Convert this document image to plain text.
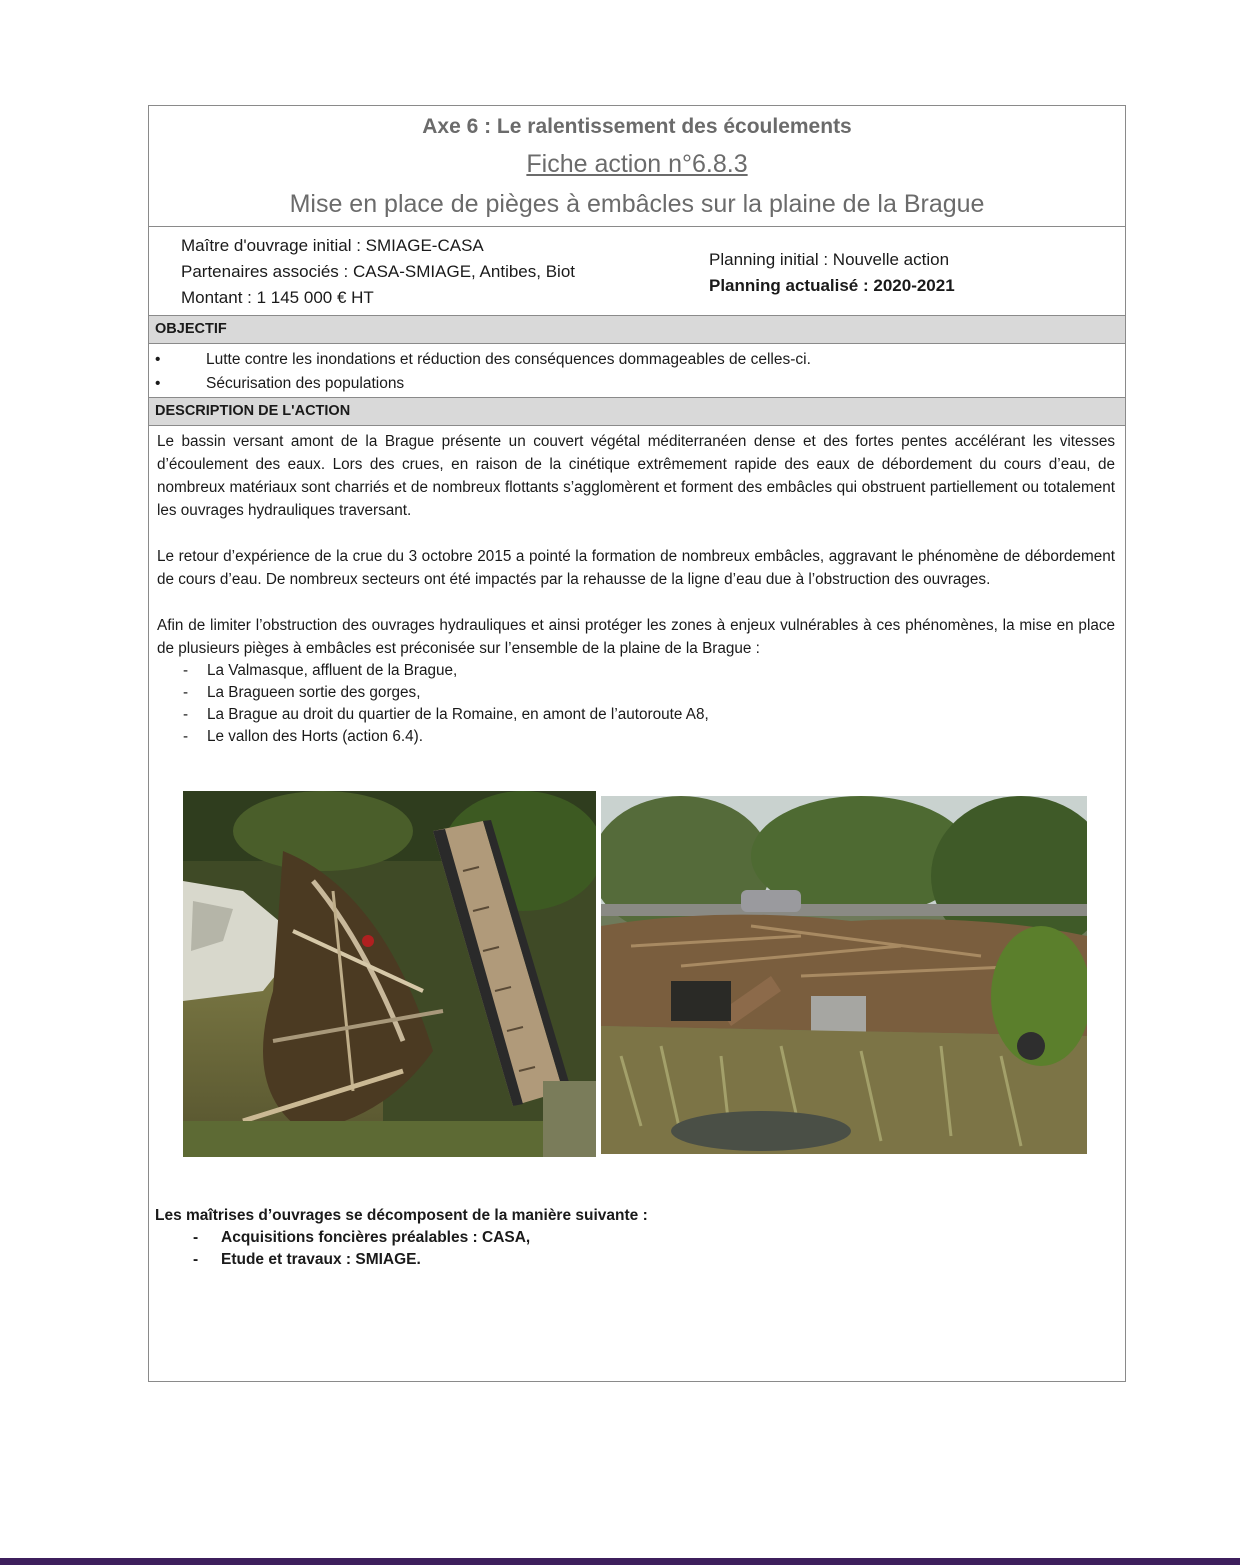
Axe 6 : Le ralentissement des écoulements
Fiche action n°6.8.3
Mise en place de pièges à embâcles sur la plaine de la Brague
Maître d'ouvrage initial : SMIAGE-CASA
Partenaires associés : CASA-SMIAGE, Antibes, Biot
Montant : 1 145 000 € HT
Planning initial : Nouvelle action
Planning actualisé : 2020-2021
OBJECTIF
•	Lutte contre les inondations et réduction des conséquences dommageables de celles-ci.
•	Sécurisation des populations
DESCRIPTION DE L'ACTION

Le bassin versant amont de la Brague présente un couvert végétal méditerranéen dense et des fortes pentes accélérant les vitesses d’écoulement des eaux. Lors des crues, en raison de la cinétique extrêmement rapide des eaux de débordement du cours d’eau, de nombreux matériaux sont charriés et de nombreux flottants s’agglomèrent et forment des embâcles qui obstruent partiellement ou totalement les ouvrages hydrauliques traversant.

Le retour d’expérience de la crue du 3 octobre 2015 a pointé la formation de nombreux embâcles, aggravant le phénomène de débordement de cours d’eau. De nombreux secteurs ont été impactés par la rehausse de la ligne d’eau due à l’obstruction des ouvrages.

Afin de limiter l’obstruction des ouvrages hydrauliques et ainsi protéger les zones à enjeux vulnérables à ces phénomènes, la mise en place de plusieurs pièges à embâcles est préconisée sur l’ensemble de la plaine de la Brague :

- La Valmasque, affluent de la Brague,
- La Bragueen sortie des gorges,
- La Brague au droit du quartier de la Romaine, en amont de l’autoroute A8,
- Le vallon des Horts (action 6.4).
Les maîtrises d’ouvrages se décomposent de la manière suivante :
- Acquisitions foncières préalables : CASA,
- Etude et travaux : SMIAGE.
